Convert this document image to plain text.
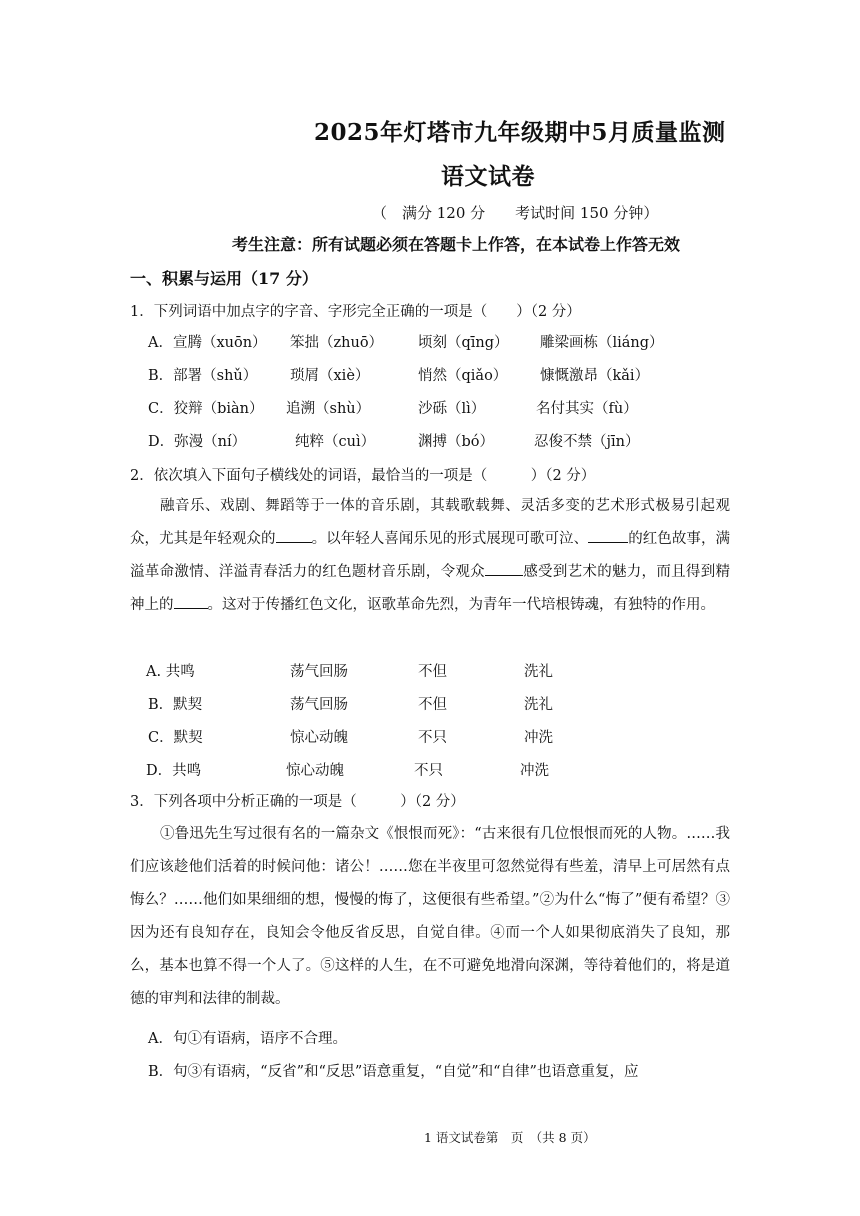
2025年灯塔市九年级期中5月质量监测
语文试卷
（　满分 120 分　　考试时间 150 分钟）
考生注意：所有试题必须在答题卡上作答，在本试卷上作答无效
一、积累与运用（17 分）
1．下列词语中加点字的字音、字形完全正确的一项是（　　）（2 分）
A．宣腾（xuōn） 笨拙（zhuō） 顷刻（qīng） 雕梁画栋（liáng）
B．部署（shǔ） 琐屑（xiè）	悄然（qiǎo） 慷慨激昂（kǎi）
C．狡辩（biàn） 追溯（shù）	沙砾（lì）	名付其实（fù）
D．弥漫（ní）	纯粹（cuì）	渊搏（bó）	忍俊不禁（jīn）
2．依次填入下面句子横线处的词语，最恰当的一项是（　　　）（2 分）
融音乐、戏剧、舞蹈等于一体的音乐剧，其载歌载舞、灵活多变的艺术形式极易引起观众，尤其是年轻观众的 。以年轻人喜闻乐见的形式展现可歌可泣、	的红色故事，满溢革命激情、洋溢青春活力的红色题材音乐剧，令观众	感受到艺术的魅力，而且得到精神上的 。这对于传播红色文化，讴歌革命先烈，为青年一代培根铸魂，有独特的作用。
A. 共鸣	荡气回肠	不但	洗礼
B．默契	荡气回肠	不但	洗礼
C．默契	惊心动魄	不只	冲洗
D．共鸣	惊心动魄	不只	冲洗
3．下列各项中分析正确的一项是（　　　）（2 分）
①鲁迅先生写过很有名的一篇杂文《恨恨而死》：“古来很有几位恨恨而死的人物。……我们应该趁他们活着的时候问他：诸公！……您在半夜里可忽然觉得有些羞，清早上可居然有点悔么？……他们如果细细的想，慢慢的悔了，这便很有些希望。”②为什么“悔了”便有希望？③因为还有良知存在，良知会令他反省反思，自觉自律。④而一个人如果彻底消失了良知，那么，基本也算不得一个人了。⑤这样的人生，在不可避免地滑向深渊，等待着他们的，将是道德的审判和法律的制裁。
A．句①有语病，语序不合理。
B．句③有语病，“反省”和“反思”语意重复，“自觉”和“自律”也语意重复，应
1 语文试卷第　页　（共 8 页）
